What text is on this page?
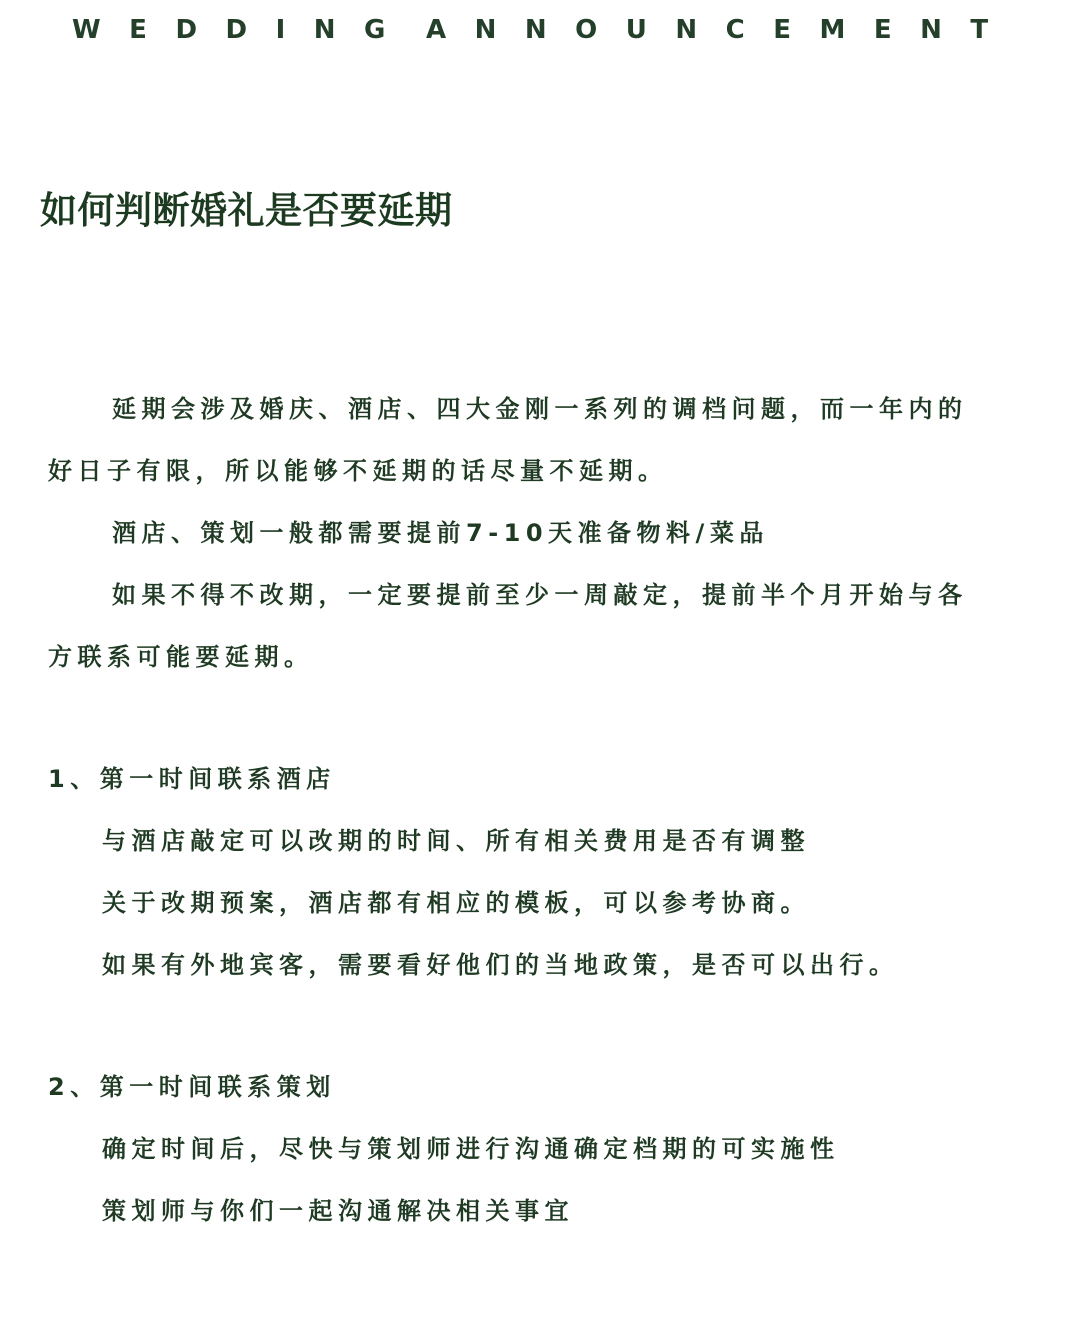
WEDDING ANNOUNCEMENT
如何判断婚礼是否要延期

延期会涉及婚庆、酒店、四大金刚一系列的调档问题，而一年内的
好日子有限，所以能够不延期的话尽量不延期。

酒店、策划一般都需要提前7-10天准备物料/菜品

如果不得不改期，一定要提前至少一周敲定，提前半个月开始与各
方联系可能要延期。

1、第一时间联系酒店

与酒店敲定可以改期的时间、所有相关费用是否有调整

关于改期预案，酒店都有相应的模板，可以参考协商。

如果有外地宾客，需要看好他们的当地政策，是否可以出行。

2、第一时间联系策划

确定时间后，尽快与策划师进行沟通确定档期的可实施性

策划师与你们一起沟通解决相关事宜
